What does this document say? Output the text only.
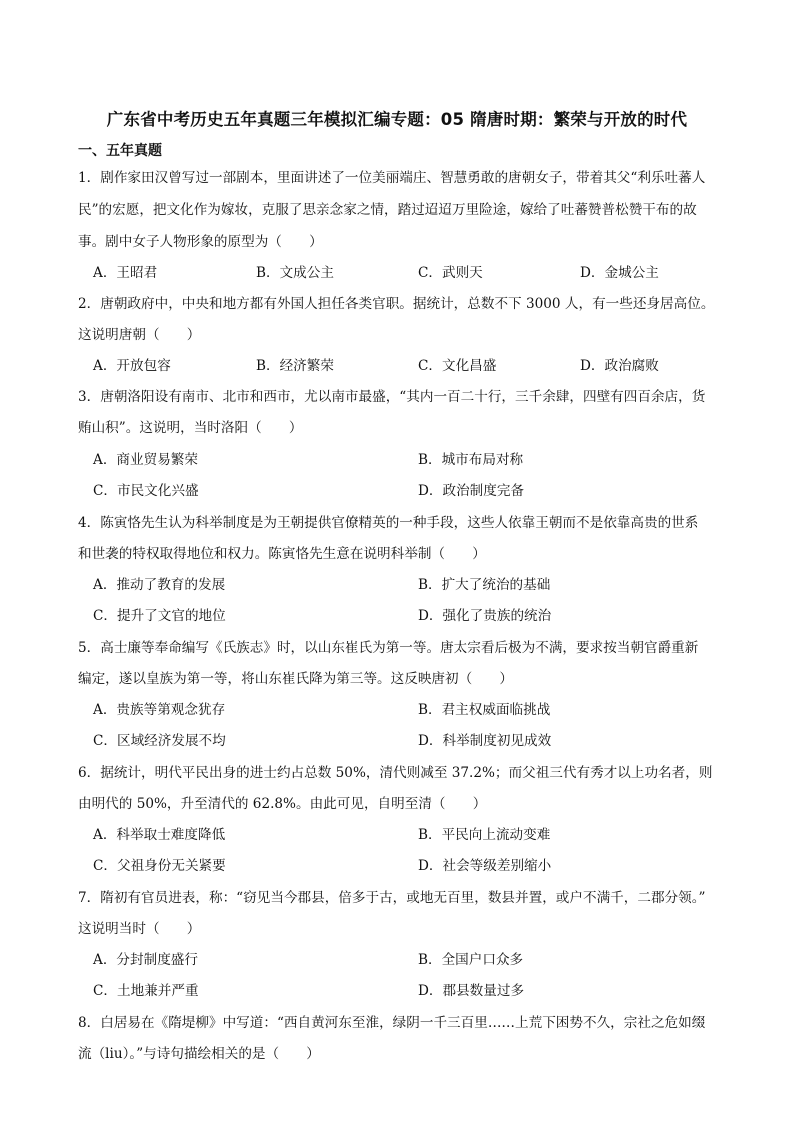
广东省中考历史五年真题三年模拟汇编专题：05 隋唐时期：繁荣与开放的时代
一、五年真题
1．剧作家田汉曾写过一部剧本，里面讲述了一位美丽端庄、智慧勇敢的唐朝女子，带着其父“利乐吐蕃人
民”的宏愿，把文化作为嫁妆，克服了思亲念家之情，踏过迢迢万里险途，嫁给了吐蕃赞普松赞干布的故
事。剧中女子人物形象的原型为（　　）
A．王昭君	B．文成公主	C．武则天	D．金城公主
2．唐朝政府中，中央和地方都有外国人担任各类官职。据统计，总数不下 3000 人，有一些还身居高位。
这说明唐朝（　　）
A．开放包容	B．经济繁荣	C．文化昌盛	D．政治腐败
3．唐朝洛阳设有南市、北市和西市，尤以南市最盛，“其内一百二十行，三千余肆，四壁有四百余店，货
贿山积”。这说明，当时洛阳（　　）
A．商业贸易繁荣	B．城市布局对称
C．市民文化兴盛	D．政治制度完备
4．陈寅恪先生认为科举制度是为王朝提供官僚精英的一种手段，这些人依靠王朝而不是依靠高贵的世系
和世袭的特权取得地位和权力。陈寅恪先生意在说明科举制（　　）
A．推动了教育的发展	B．扩大了统治的基础
C．提升了文官的地位	D．强化了贵族的统治
5．高士廉等奉命编写《氏族志》时，以山东崔氏为第一等。唐太宗看后极为不满，要求按当朝官爵重新
编定，遂以皇族为第一等，将山东崔氏降为第三等。这反映唐初（　　）
A．贵族等第观念犹存	B．君主权威面临挑战
C．区域经济发展不均	D．科举制度初见成效
6．据统计，明代平民出身的进士约占总数 50%，清代则减至 37.2%；而父祖三代有秀才以上功名者，则
由明代的 50%，升至清代的 62.8%。由此可见，自明至清（　　）
A．科举取士难度降低	B．平民向上流动变难
C．父祖身份无关紧要	D．社会等级差别缩小
7．隋初有官员进表，称：“窃见当今郡县，倍多于古，或地无百里，数县并置，或户不满千，二郡分领。”
这说明当时（　　）
A．分封制度盛行	B．全国户口众多
C．土地兼并严重	D．郡县数量过多
8．白居易在《隋堤柳》中写道：“西自黄河东至淮，绿阴一千三百里……上荒下困势不久，宗社之危如缀
流（liu）。”与诗句描绘相关的是（　　）
